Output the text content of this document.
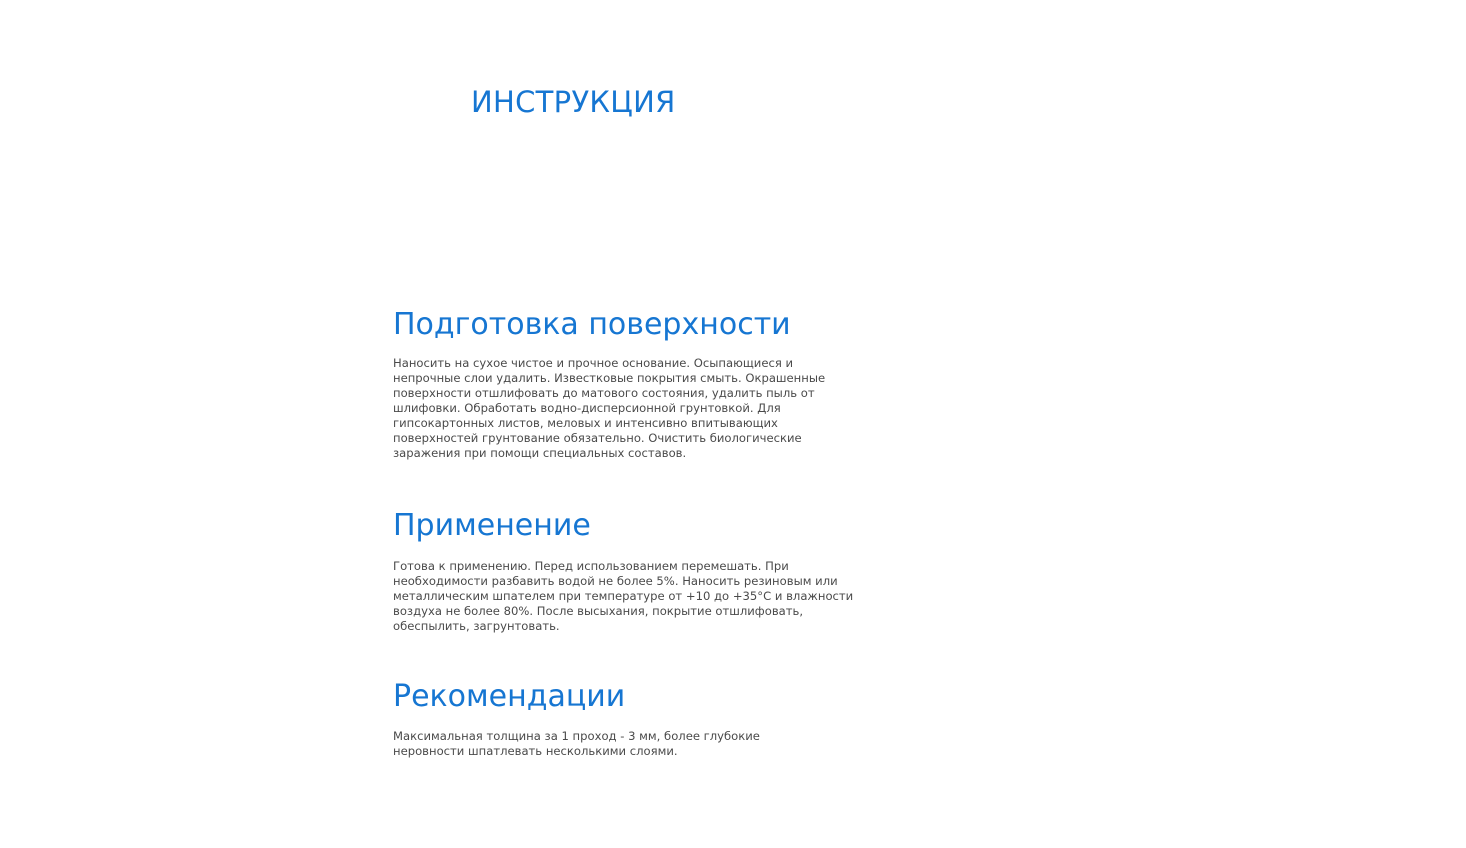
ИНСТРУКЦИЯ
Подготовка поверхности

Наносить на сухое чистое и прочное основание. Осыпающиеся и непрочные слои удалить. Известковые покрытия смыть. Окрашенные поверхности отшлифовать до матового состояния, удалить пыль от шлифовки. Обработать водно-дисперсионной грунтовкой. Для гипсокартонных листов, меловых и интенсивно впитывающих поверхностей грунтование обязательно. Очистить биологические заражения при помощи специальных составов.

Применение

Готова к применению. Перед использованием перемешать. При необходимости разбавить водой не более 5%. Наносить резиновым или металлическим шпателем при температуре от +10 до +35°C и влажности воздуха не более 80%. После высыхания, покрытие отшлифовать, обеспылить, загрунтовать.

Рекомендации

Максимальная толщина за 1 проход - 3 мм, более глубокие неровности шпатлевать несколькими слоями.
